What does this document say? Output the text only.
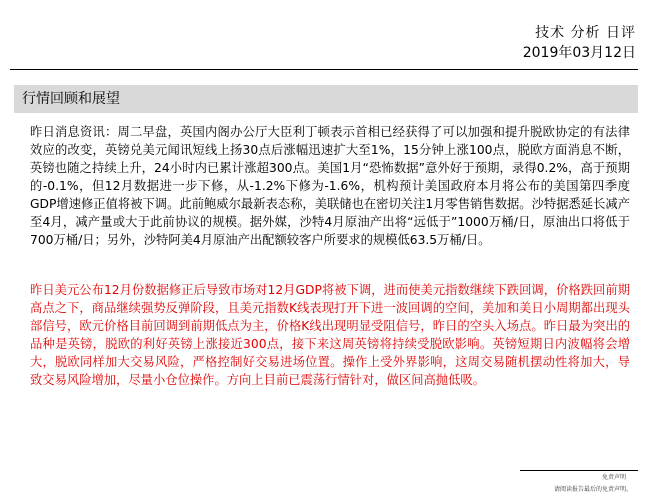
技术 分析 日评
2019年03月12日
行情回顾和展望

昨日消息资讯：周二早盘，英国内阁办公厅大臣利丁顿表示首相已经获得了可以加强和提升脱欧协定的有法律效应的改变，英镑兑美元闻讯短线上扬30点后涨幅迅速扩大至1%，15分钟上涨100点，脱欧方面消息不断，英镑也随之持续上升，24小时内已累计涨超300点。美国1月“恐怖数据”意外好于预期，录得0.2%，高于预期的-0.1%，但12月数据进一步下修，从-1.2%下修为-1.6%，机构预计美国政府本月将公布的美国第四季度GDP增速修正值将被下调。此前鲍威尔最新表态称，美联储也在密切关注1月零售销售数据。沙特据悉延长减产至4月，减产量或大于此前协议的规模。据外媒，沙特4月原油产出将“远低于”1000万桶/日，原油出口将低于700万桶/日；另外，沙特阿美4月原油产出配额较客户所要求的规模低63.5万桶/日。

昨日美元公布12月份数据修正后导致市场对12月GDP将被下调，进而使美元指数继续下跌回调，价格跌回前期高点之下，商品继续强势反弹阶段，且美元指数K线表现打开下进一波回调的空间，美加和美日小周期都出现头部信号，欧元价格目前回调到前期低点为主，价格K线出现明显受阻信号，昨日的空头入场点。昨日最为突出的品种是英镑，脱欧的利好英镑上涨接近300点，接下来这周英镑将持续受脱欧影响。英镑短期日内波幅将会增大，脱欧同样加大交易风险，严格控制好交易进场位置。操作上受外界影响，这周交易随机摆动性将加大，导致交易风险增加，尽量小仓位操作。方向上目前已震荡行情针对，做区间高抛低吸。

免责声明
请阅读报告最后的免责声明。
